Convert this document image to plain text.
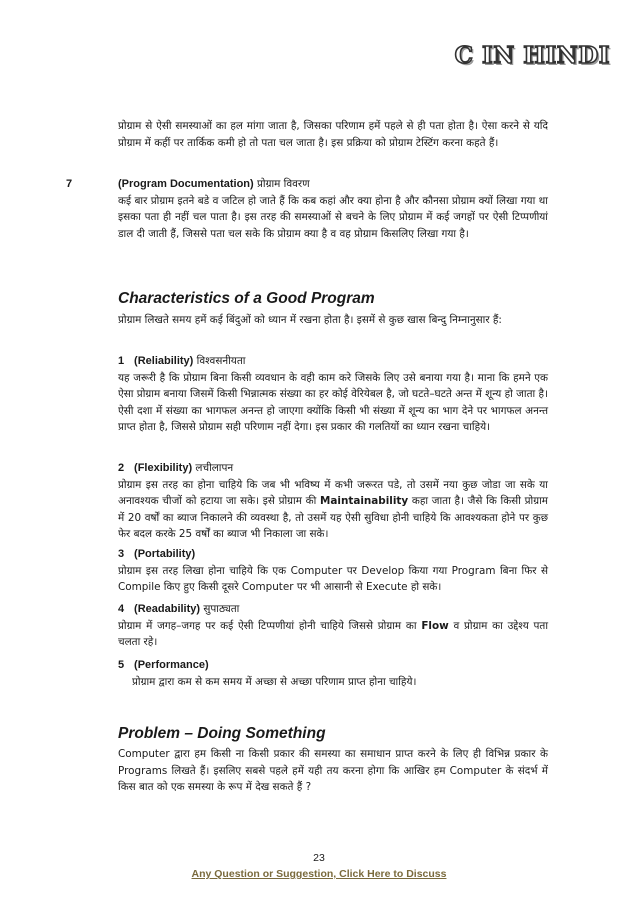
C IN HINDI
प्रोग्राम से ऐसी समस्याओं का हल मांगा जाता है, जिसका परिणाम हमें पहले से ही पता होता है। ऐसा करने से यदि प्रोग्राम में कहीं पर तार्किक कमी हो तो पता चल जाता है। इस प्रक्रिया को प्रोग्राम टेस्टिंग करना कहते हैं।
7	(Program Documentation) प्रोग्राम विवरण
कई बार प्रोग्राम इतने बडे व जटिल हो जाते हैं कि कब कहां और क्या होना है और कौनसा प्रोग्राम क्यों लिखा गया था इसका पता ही नहीं चल पाता है। इस तरह की समस्याओं से बचने के लिए प्रोग्राम में कई जगहों पर ऐसी टिप्पणीयां डाल दी जाती हैं, जिससे पता चल सके कि प्रोग्राम क्या है व वह प्रोग्राम किसलिए लिखा गया है।
Characteristics of a Good Program
प्रोग्राम लिखते समय हमें कई बिंदुओं को ध्यान में रखना होता है। इसमें से कुछ खास बिन्दु निम्नानुसार हैं:
1 (Reliability) विश्वसनीयता
यह जरूरी है कि प्रोग्राम बिना किसी व्यवधान के वही काम करे जिसके लिए उसे बनाया गया है। माना कि हमने एक ऐसा प्रोग्राम बनाया जिसमें किसी भिन्नात्मक संख्या का हर कोई वेरियेबल है, जो घटते–घटते अन्त में शून्य हो जाता है। ऐसी दशा में संख्या का भागफल अनन्त हो जाएगा क्योंकि किसी भी संख्या में शून्य का भाग देने पर भागफल अनन्त प्राप्त होता है, जिससे प्रोग्राम सही परिणाम नहीं देगा। इस प्रकार की गलतियों का ध्यान रखना चाहिये।
2 (Flexibility) लचीलापन
प्रोग्राम इस तरह का होना चाहिये कि जब भी भविष्य में कभी जरूरत पडे, तो उसमें नया कुछ जोडा जा सके या अनावश्यक चीजों को हटाया जा सके। इसे प्रोग्राम की Maintainability कहा जाता है। जैसे कि किसी प्रोग्राम में 20 वर्षों का ब्याज निकालने की व्यवस्था है, तो उसमें यह ऐसी सुविधा होनी चाहिये कि आवश्यकता होने पर कुछ फेर बदल करके 25 वर्षों का ब्याज भी निकाला जा सके।
3 (Portability)
प्रोग्राम इस तरह लिखा होना चाहिये कि एक Computer पर Develop किया गया Program बिना फिर से Compile किए हुए किसी दूसरे Computer पर भी आसानी से Execute हो सके।
4 (Readability) सुपाठ्यता
प्रोग्राम में जगह–जगह पर कई ऐसी टिप्पणीयां होनी चाहिये जिससे प्रोग्राम का Flow व प्रोग्राम का उद्देश्य पता चलता रहे।
5 (Performance)
प्रोग्राम द्वारा कम से कम समय में अच्छा से अच्छा परिणाम प्राप्त होना चाहिये।
Problem – Doing Something
Computer द्वारा हम किसी ना किसी प्रकार की समस्या का समाधान प्राप्त करने के लिए ही विभिन्न प्रकार के Programs लिखते हैं। इसलिए सबसे पहले हमें यही तय करना होगा कि आखिर हम Computer के संदर्भ में किस बात को एक समस्या के रूप में देख सकते हैं ?
23
Any Question or Suggestion, Click Here to Discuss
